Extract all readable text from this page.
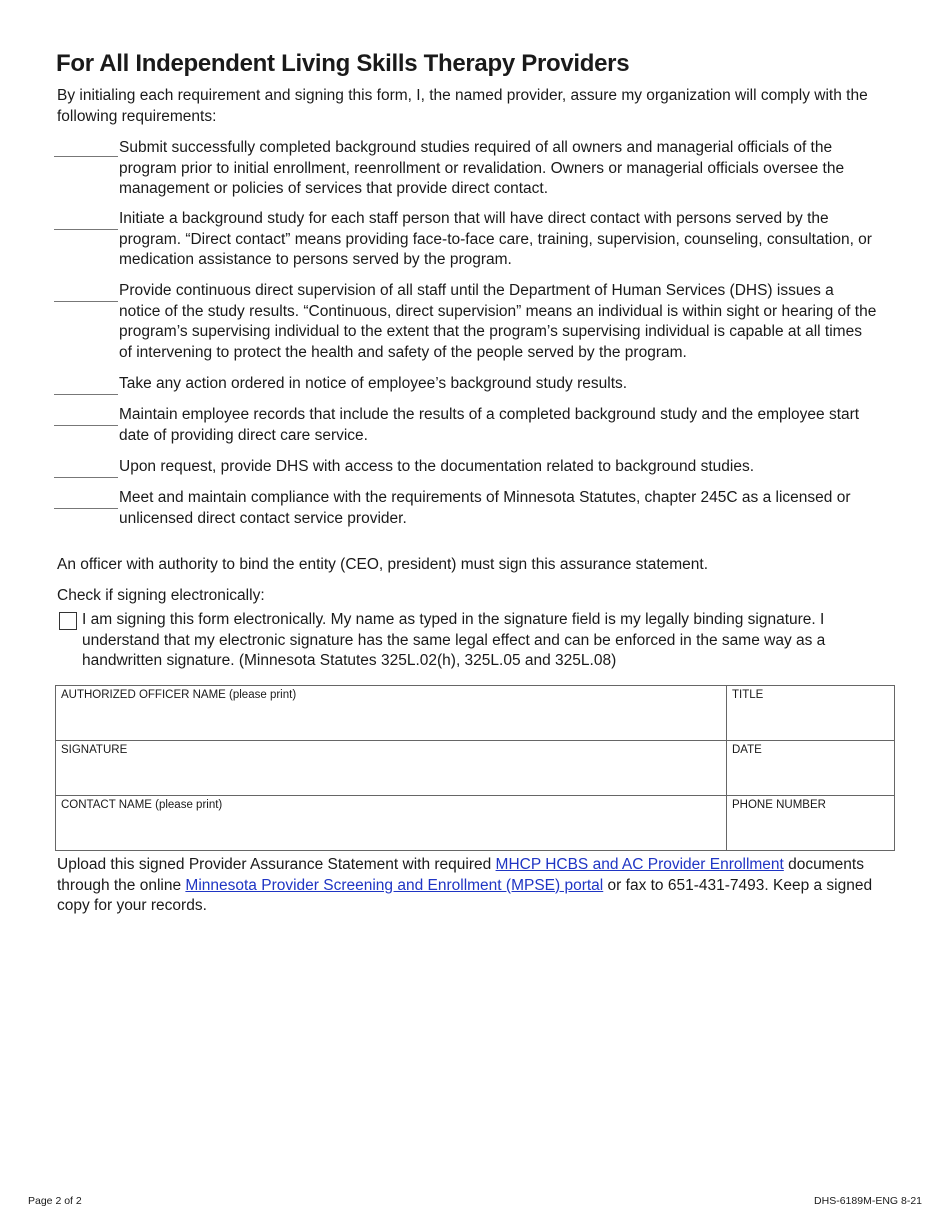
For All Independent Living Skills Therapy Providers

By initialing each requirement and signing this form, I, the named provider, assure my organization will comply with the following requirements:

Submit successfully completed background studies required of all owners and managerial officials of the program prior to initial enrollment, reenrollment or revalidation. Owners or managerial officials oversee the management or policies of services that provide direct contact.

Initiate a background study for each staff person that will have direct contact with persons served by the program. “Direct contact” means providing face-to-face care, training, supervision, counseling, consultation, or medication assistance to persons served by the program.

Provide continuous direct supervision of all staff until the Department of Human Services (DHS) issues a notice of the study results. “Continuous, direct supervision” means an individual is within sight or hearing of the program’s supervising individual to the extent that the program’s supervising individual is capable at all times of intervening to protect the health and safety of the people served by the program.

Take any action ordered in notice of employee’s background study results.

Maintain employee records that include the results of a completed background study and the employee start date of providing direct care service.

Upon request, provide DHS with access to the documentation related to background studies.

Meet and maintain compliance with the requirements of Minnesota Statutes, chapter 245C as a licensed or unlicensed direct contact service provider.

An officer with authority to bind the entity (CEO, president) must sign this assurance statement.

Check if signing electronically:

I am signing this form electronically. My name as typed in the signature field is my legally binding signature. I understand that my electronic signature has the same legal effect and can be enforced in the same way as a handwritten signature. (Minnesota Statutes 325L.02(h), 325L.05 and 325L.08)

AUTHORIZED OFFICER NAME (please print)	TITLE
SIGNATURE	DATE
CONTACT NAME (please print)	PHONE NUMBER

Upload this signed Provider Assurance Statement with required MHCP HCBS and AC Provider Enrollment documents through the online Minnesota Provider Screening and Enrollment (MPSE) portal or fax to 651-431-7493. Keep a signed copy for your records.

Page 2 of 2	DHS-6189M-ENG 8-21
